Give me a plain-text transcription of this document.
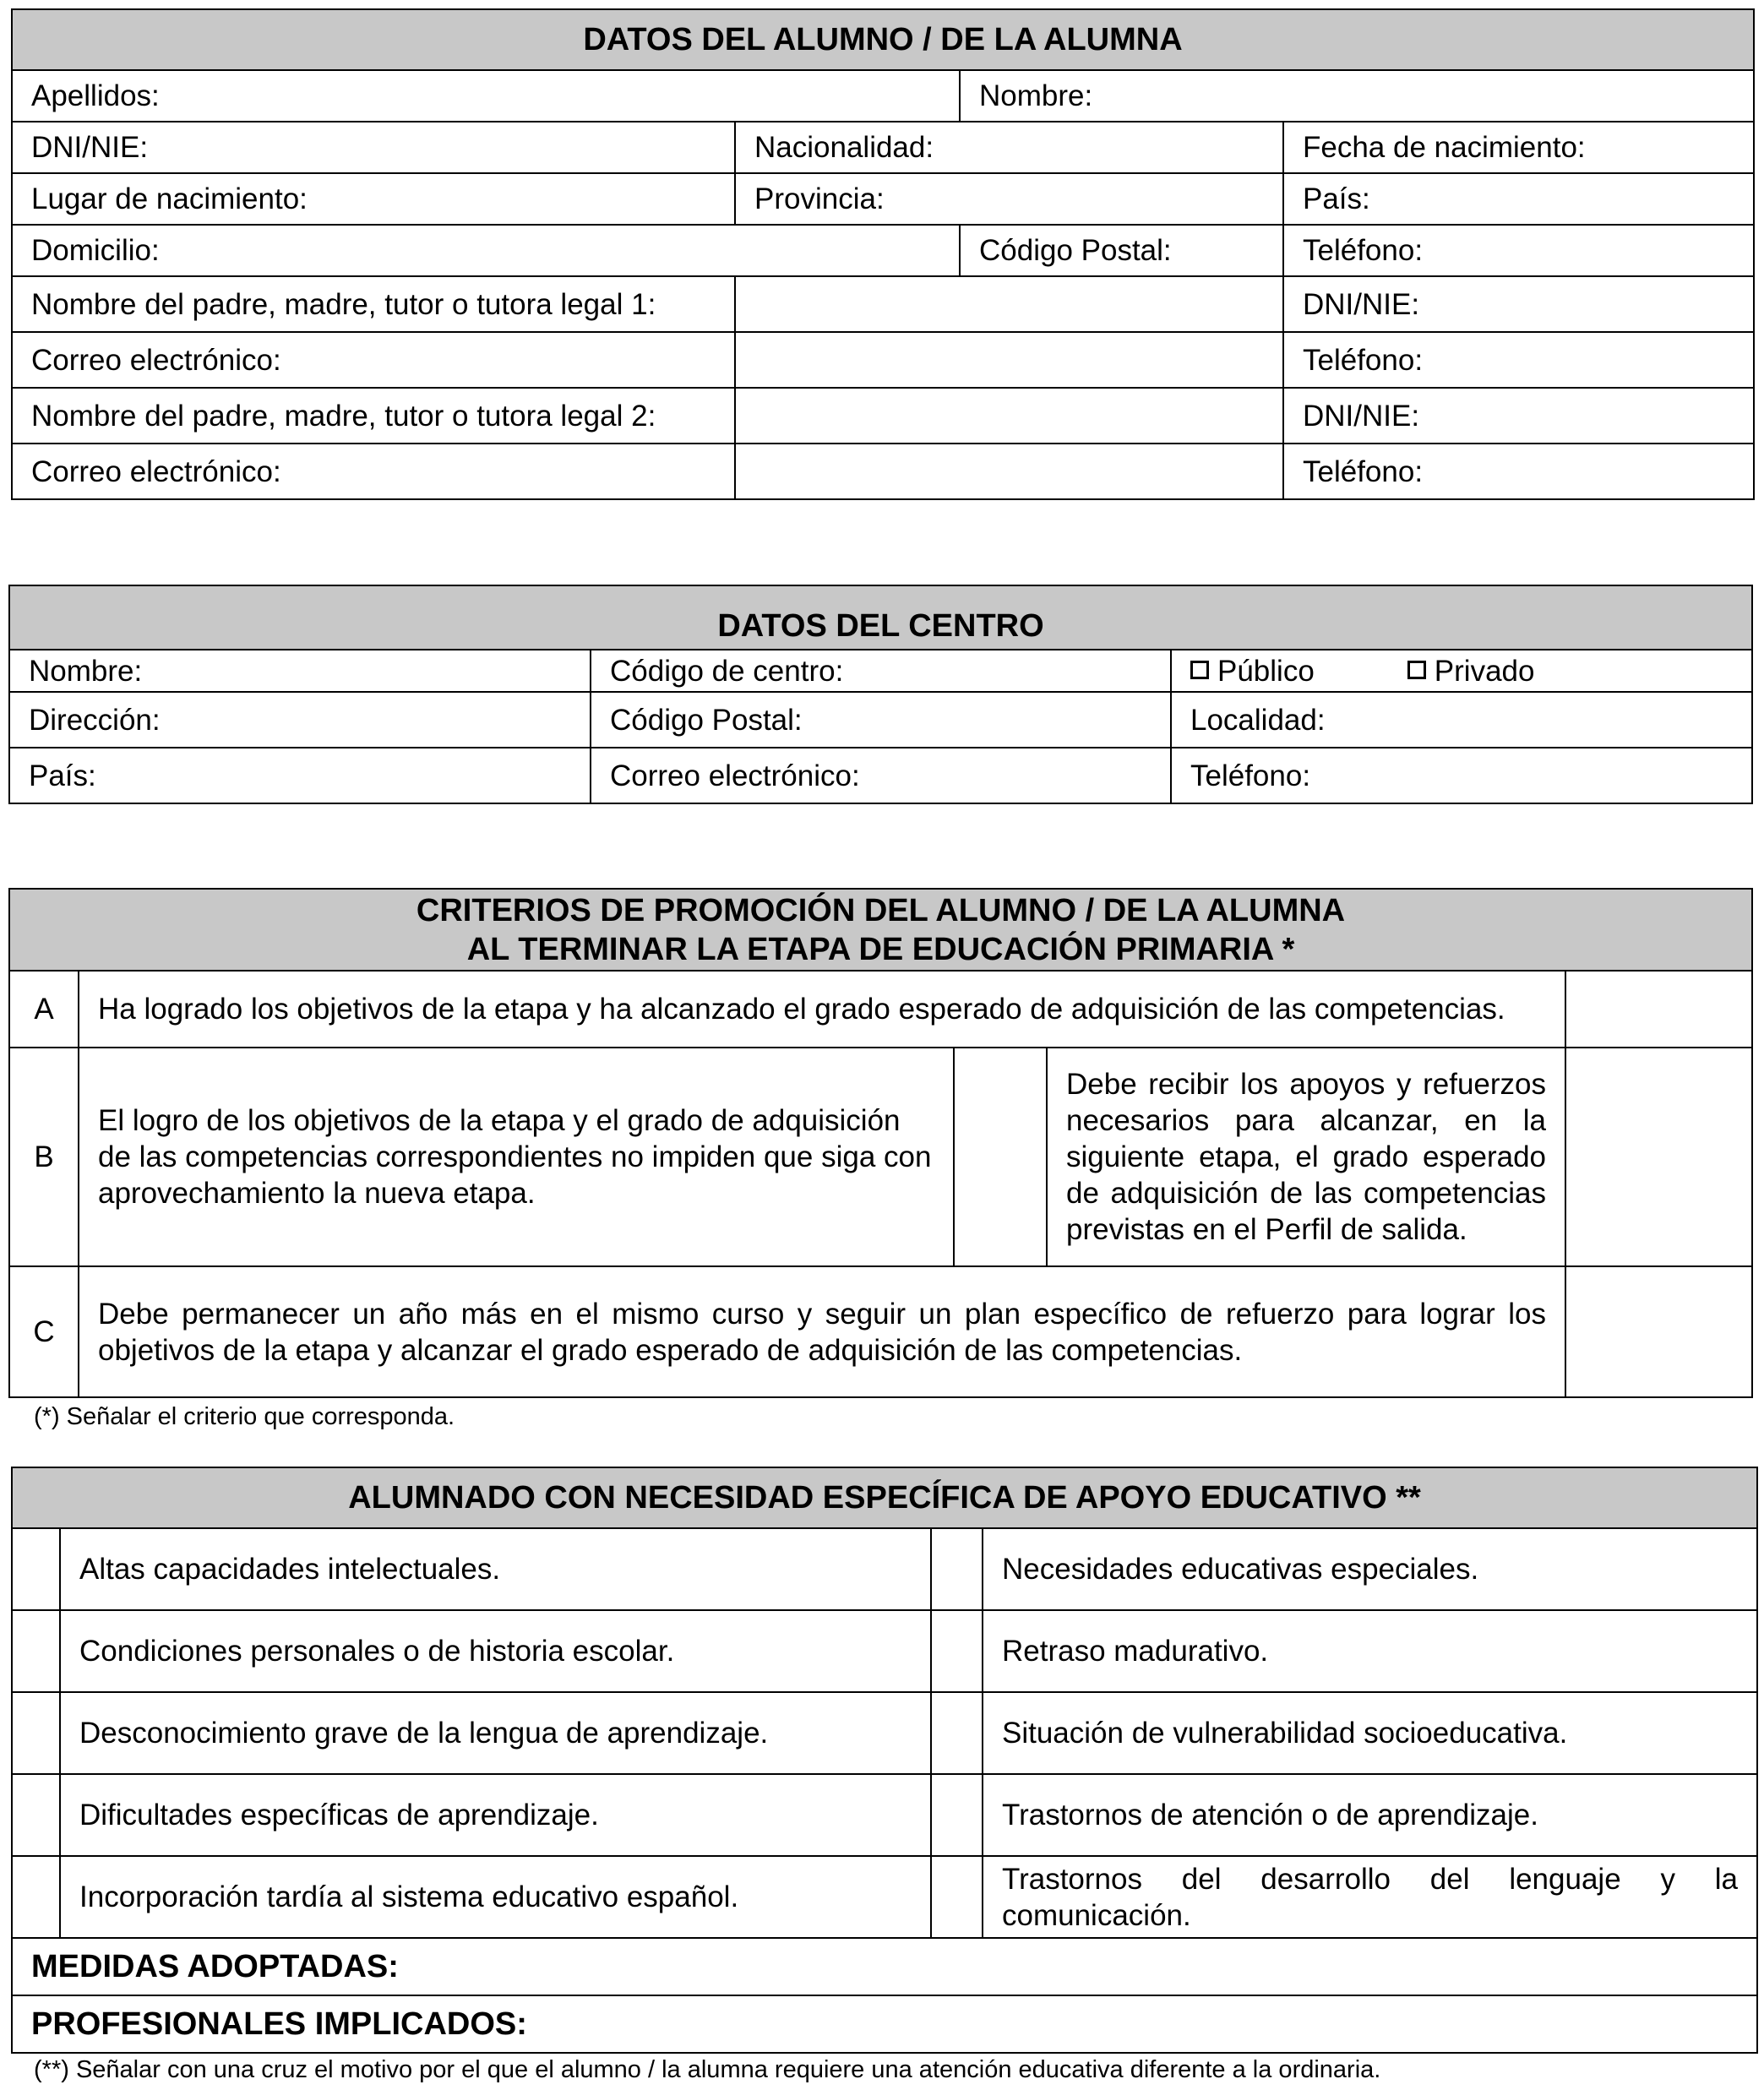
DATOS DEL ALUMNO / DE LA ALUMNA			
Apellidos:		Nombre:	
DNI/NIE:	Nacionalidad:		Fecha de nacimiento:
Lugar de nacimiento:	Provincia:		País:
Domicilio:		Código Postal:	Teléfono:
Nombre del padre, madre, tutor o tutora legal 1:			DNI/NIE:
Correo electrónico:			Teléfono:
Nombre del padre, madre, tutor o tutora legal 2:			DNI/NIE:
Correo electrónico:			Teléfono:
DATOS DEL CENTRO		
Nombre:	Código de centro:	Público Privado
Dirección:	Código Postal:	Localidad:
País:	Correo electrónico:	Teléfono:
CRITERIOS DE PROMOCIÓN DEL ALUMNO / DE LA ALUMNA
AL TERMINAR LA ETAPA DE EDUCACIÓN PRIMARIA *				

A	Ha logrado los objetivos de la etapa y ha alcanzado el grado esperado de adquisición de las competencias.			
B	El logro de los objetivos de la etapa y el grado de adquisición de las competencias correspondientes no impiden que siga con aprovechamiento la nueva etapa.		Debe recibir los apoyos y refuerzos necesarios para alcanzar, en la siguiente etapa, el grado esperado de adquisición de las competencias previstas en el Perfil de salida.	
C	Debe permanecer un año más en el mismo curso y seguir un plan específico de refuerzo para lograr los objetivos de la etapa y alcanzar el grado esperado de adquisición de las competencias.			
(*) Señalar el criterio que corresponda.
ALUMNADO CON NECESIDAD ESPECÍFICA DE APOYO EDUCATIVO **			
	Altas capacidades intelectuales.		Necesidades educativas especiales.
	Condiciones personales o de historia escolar.		Retraso madurativo.
	Desconocimiento grave de la lengua de aprendizaje.		Situación de vulnerabilidad socioeducativa.
	Dificultades específicas de aprendizaje.		Trastornos de atención o de aprendizaje.
	Incorporación tardía al sistema educativo español.		Trastornos del desarrollo del lenguaje y la comunicación.
MEDIDAS ADOPTADAS:			
PROFESIONALES IMPLICADOS:			
(**) Señalar con una cruz el motivo por el que el alumno / la alumna requiere una atención educativa diferente a la ordinaria.
